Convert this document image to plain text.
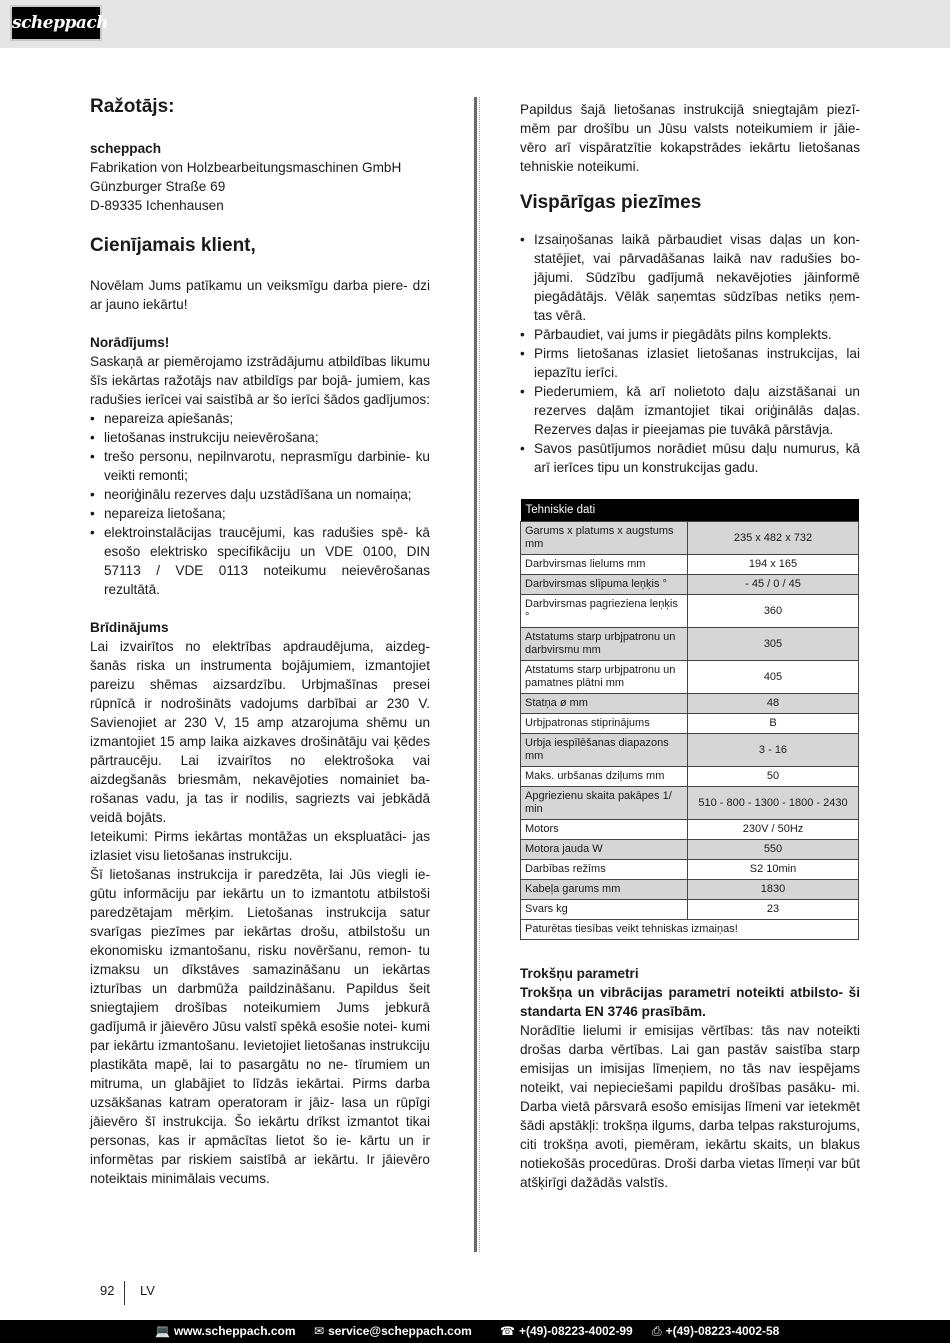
scheppach
Ražotājs:

scheppach

Fabrikation von Holzbearbeitungsmaschinen GmbH

Günzburger Straße 69

D-89335 Ichenhausen

Cienījamais klient,

Novēlam Jums patīkamu un veiksmīgu darba piere- dzi ar jauno iekārtu!

Norādījums!

Saskaņā ar piemērojamo izstrādājumu atbildības likumu šīs iekārtas ražotājs nav atbildīgs par bojā- jumiem, kas radušies ierīcei vai saistībā ar šo ierīci šādos gadījumos:

• nepareiza apiešanās;
• lietošanas instrukciju neievērošana;
• trešo personu, nepilnvarotu, neprasmīgu darbinie- ku veikti remonti;
• neoriģinālu rezerves daļu uzstādīšana un nomaiņa;
• nepareiza lietošana;
• elektroinstalācijas traucējumi, kas radušies spē- kā esošo elektrisko specifikāciju un VDE 0100, DIN 57113 / VDE 0113 noteikumu neievērošanas rezultātā.

Brīdinājums

Lai izvairītos no elektrības apdraudējuma, aizdeg- šanās riska un instrumenta bojājumiem, izmantojiet pareizu shēmas aizsardzību. Urbjmašīnas presei rūpnīcā ir nodrošināts vadojums darbībai ar 230 V. Savienojiet ar 230 V, 15 amp atzarojuma shēmu un izmantojiet 15 amp laika aizkaves drošinātāju vai ķēdes pārtraucēju. Lai izvairītos no elektrošoka vai aizdegšanās briesmām, nekavējoties nomainiet ba- rošanas vadu, ja tas ir nodilis, sagriezts vai jebkādā veidā bojāts.

Ieteikumi: Pirms iekārtas montāžas un ekspluatāci- jas izlasiet visu lietošanas instrukciju.

Šī lietošanas instrukcija ir paredzēta, lai Jūs viegli ie- gūtu informāciju par iekārtu un to izmantotu atbilstoši paredzētajam mērķim. Lietošanas instrukcija satur svarīgas piezīmes par iekārtas drošu, atbilstošu un ekonomisku izmantošanu, risku novēršanu, remon- tu izmaksu un dīkstāves samazināšanu un iekārtas izturības un darbmūža paildzināšanu. Papildus šeit sniegtajiem drošības noteikumiem Jums jebkurā gadījumā ir jāievēro Jūsu valstī spēkā esošie notei- kumi par iekārtu izmantošanu. Ievietojiet lietošanas instrukciju plastikāta mapē, lai to pasargātu no ne- tīrumiem un mitruma, un glabājiet to līdzās iekārtai. Pirms darba uzsākšanas katram operatoram ir jāiz- lasa un rūpīgi jāievēro šī instrukcija. Šo iekārtu drīkst izmantot tikai personas, kas ir apmācītas lietot šo ie- kārtu un ir informētas par riskiem saistībā ar iekārtu. Ir jāievēro noteiktais minimālais vecums.

Papildus šajā lietošanas instrukcijā sniegtajām piezī- mēm par drošību un Jūsu valsts noteikumiem ir jāie- vēro arī vispāratzītie kokapstrādes iekārtu lietošanas tehniskie noteikumi.

Vispārīgas piezīmes
• Izsaiņošanas laikā pārbaudiet visas daļas un kon- statējiet, vai pārvadāšanas laikā nav radušies bo- jājumi. Sūdzību gadījumā nekavējoties jāinformē piegādātājs. Vēlāk saņemtas sūdzības netiks ņem- tas vērā.
• Pārbaudiet, vai jums ir piegādāts pilns komplekts.
• Pirms lietošanas izlasiet lietošanas instrukcijas, lai iepazītu ierīci.
• Piederumiem, kā arī nolietoto daļu aizstāšanai un rezerves daļām izmantojiet tikai oriģinālās daļas. Rezerves daļas ir pieejamas pie tuvākā pārstāvja.
• Savos pasūtījumos norādiet mūsu daļu numurus, kā arī ierīces tipu un konstrukcijas gadu.
Tehniskie dati	
Garums x platums x augstums mm	235 x 482 x 732
Darbvirsmas lielums mm	194 x 165
Darbvirsmas slīpuma leņķis °	- 45 / 0 / 45
Darbvirsmas pagrieziena leņķis °	360
Atstatums starp urbjpatronu un darbvirsmu mm	305
Atstatums starp urbjpatronu un pamatnes plātni mm	405
Statņa ø mm	48
Urbjpatronas stiprinājums	B
Urbja iespīlēšanas diapazons mm	3 - 16
Maks. urbšanas dziļums mm	50
Apgriezienu skaita pakāpes 1/ min	510 - 800 - 1300 - 1800 - 2430
Motors	230V / 50Hz
Motora jauda W	550
Darbības režīms	S2 10min
Kabeļa garums mm	1830
Svars kg	23
Paturētas tiesības veikt tehniskas izmaiņas!	

Trokšņu parametri

Trokšņa un vibrācijas parametri noteikti atbilsto- ši standarta EN 3746 prasībām.

Norādītie lielumi ir emisijas vērtības: tās nav noteikti drošas darba vērtības. Lai gan pastāv saistība starp emisijas un imisijas līmeņiem, no tās nav iespējams noteikt, vai nepieciešami papildu drošības pasāku- mi. Darba vietā pārsvarā esošo emisijas līmeni var ietekmēt šādi apstākļi: trokšņa ilgums, darba telpas raksturojums, citi trokšņa avoti, piemēram, iekārtu skaits, un blakus notiekošās procedūras. Droši darba vietas līmeņi var būt atšķirīgi dažādās valstīs.

92 LV
💻 www.scheppach.com ✉ service@scheppach.com ☎ +(49)-08223-4002-99 ⎙ +(49)-08223-4002-58
